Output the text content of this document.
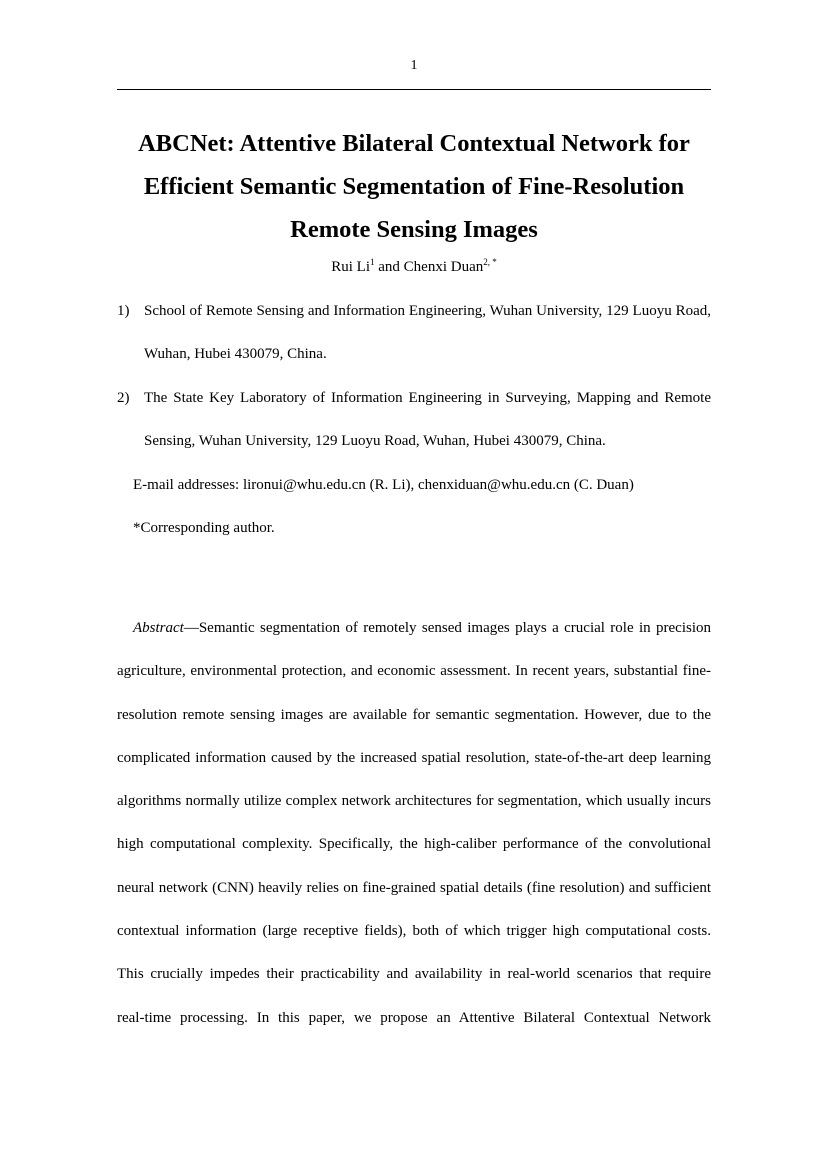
1
ABCNet: Attentive Bilateral Contextual Network for
Efficient Semantic Segmentation of Fine-Resolution
Remote Sensing Images
Rui Li$^1$ and Chenxi Duan$^{2, *}$
1) School of Remote Sensing and Information Engineering, Wuhan University, 129 Luoyu Road,
Wuhan, Hubei 430079, China.
2) The State Key Laboratory of Information Engineering in Surveying, Mapping and Remote
Sensing, Wuhan University, 129 Luoyu Road, Wuhan, Hubei 430079, China.
E-mail addresses: lironui@whu.edu.cn (R. Li), chenxiduan@whu.edu.cn (C. Duan)
*Corresponding author.
Abstract—Semantic segmentation of remotely sensed images plays a crucial role in precision
agriculture, environmental protection, and economic assessment. In recent years, substantial fine-
resolution remote sensing images are available for semantic segmentation. However, due to the
complicated information caused by the increased spatial resolution, state-of-the-art deep learning
algorithms normally utilize complex network architectures for segmentation, which usually incurs
high computational complexity. Specifically, the high-caliber performance of the convolutional
neural network (CNN) heavily relies on fine-grained spatial details (fine resolution) and sufficient
contextual information (large receptive fields), both of which trigger high computational costs.
This crucially impedes their practicability and availability in real-world scenarios that require
real-time processing. In this paper, we propose an Attentive Bilateral Contextual Network
